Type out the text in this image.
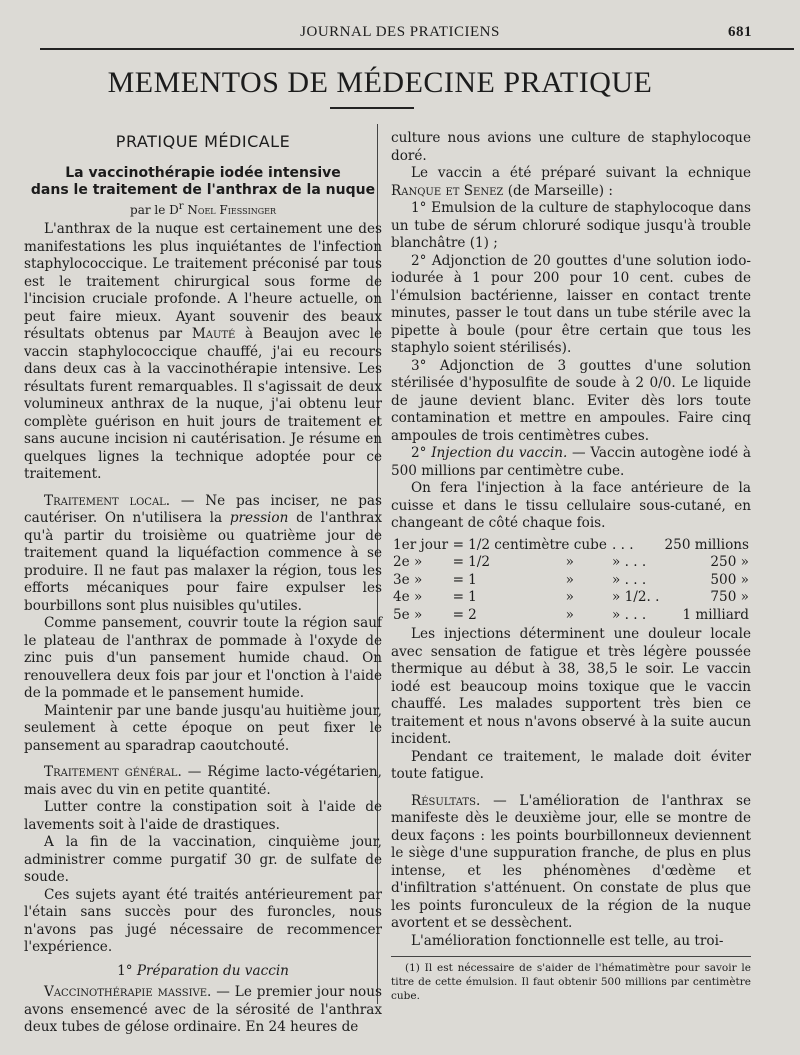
JOURNAL DES PRATICIENS	681
MEMENTOS DE MÉDECINE PRATIQUE
PRATIQUE MÉDICALE
La vaccinothérapie iodée intensive
dans le traitement de l'anthrax de la nuque
par le $D^r$ Noel Fiessinger

L'anthrax de la nuque est certainement une des manifestations les plus inquiétantes de l'infection staphylococcique. Le traitement préconisé par tous est le traitement chirurgical sous forme de l'incision cruciale profonde. A l'heure actuelle, on peut faire mieux. Ayant souvenir des beaux résultats obtenus par Mauté à Beaujon avec le vaccin staphylococcique chauffé, j'ai eu recours dans deux cas à la vaccinothérapie intensive. Les résultats furent remarquables. Il s'agissait de deux volumineux anthrax de la nuque, j'ai obtenu leur complète guérison en huit jours de traitement et sans aucune incision ni cautérisation. Je résume en quelques lignes la technique adoptée pour ce traitement.

Traitement local. — Ne pas inciser, ne pas cautériser. On n'utilisera la pression de l'anthrax qu'à partir du troisième ou quatrième jour de traitement quand la liquéfaction commence à se produire. Il ne faut pas malaxer la région, tous les efforts mécaniques pour faire expulser les bourbillons sont plus nuisibles qu'utiles.

Comme pansement, couvrir toute la région sauf le plateau de l'anthrax de pommade à l'oxyde de zinc puis d'un pansement humide chaud. On renouvellera deux fois par jour et l'onction à l'aide de la pommade et le pansement humide.

Maintenir par une bande jusqu'au huitième jour, seulement à cette époque on peut fixer le pansement au sparadrap caoutchouté.

Traitement général. — Régime lacto-végétarien, mais avec du vin en petite quantité.

Lutter contre la constipation soit à l'aide de lavements soit à l'aide de drastiques.

A la fin de la vaccination, cinquième jour, administrer comme purgatif 30 gr. de sulfate de soude.

Ces sujets ayant été traités antérieurement par l'étain sans succès pour des furoncles, nous n'avons pas jugé nécessaire de recommencer l'expérience.

1° Préparation du vaccin

Vaccinothérapie massive. — Le premier jour nous avons ensemencé avec de la sérosité de l'anthrax deux tubes de gélose ordinaire. En 24 heures de

culture nous avions une culture de staphylocoque doré.

Le vaccin a été préparé suivant la echnique Ranque et Senez (de Marseille) :

1° Emulsion de la culture de staphylocoque dans un tube de sérum chloruré sodique jusqu'à trouble blanchâtre (1) ;

2° Adjonction de 20 gouttes d'une solution iodo-iodurée à 1 pour 200 pour 10 cent. cubes de l'émulsion bactérienne, laisser en contact trente minutes, passer le tout dans un tube stérile avec la pipette à boule (pour être certain que tous les staphylo soient stérilisés).

3° Adjonction de 3 gouttes d'une solution stérilisée d'hyposulfite de soude à 2 0/0. Le liquide de jaune devient blanc. Eviter dès lors toute contamination et mettre en ampoules. Faire cinq ampoules de trois centimètres cubes.

2° Injection du vaccin. — Vaccin autogène iodé à 500 millions par centimètre cube.

On fera l'injection à la face antérieure de la cuisse et dans le tissu cellulaire sous-cutané, en changeant de côté chaque fois.

1er jour	=	1/2 centimètre cube		. . .	250 millions
2e »	=	1/2	»	» . . .	250 »
3e »	=	1	»	» . . .	500 »
4e »	=	1	»	» 1/2. .	750 »
5e »	=	2	»	» . . .	1 milliard

Les injections déterminent une douleur locale avec sensation de fatigue et très légère poussée thermique au début à 38, 38,5 le soir. Le vaccin iodé est beaucoup moins toxique que le vaccin chauffé. Les malades supportent très bien ce traitement et nous n'avons observé à la suite aucun incident.

Pendant ce traitement, le malade doit éviter toute fatigue.

Résultats. — L'amélioration de l'anthrax se manifeste dès le deuxième jour, elle se montre de deux façons : les points bourbillonneux deviennent le siège d'une suppuration franche, de plus en plus intense, et les phénomènes d'œdème et d'infiltration s'atténuent. On constate de plus que les points furonculeux de la région de la nuque avortent et se dessèchent.

L'amélioration fonctionnelle est telle, au troi-

(1) Il est nécessaire de s'aider de l'hématimètre pour savoir le titre de cette émulsion. Il faut obtenir 500 millions par centimètre cube.
